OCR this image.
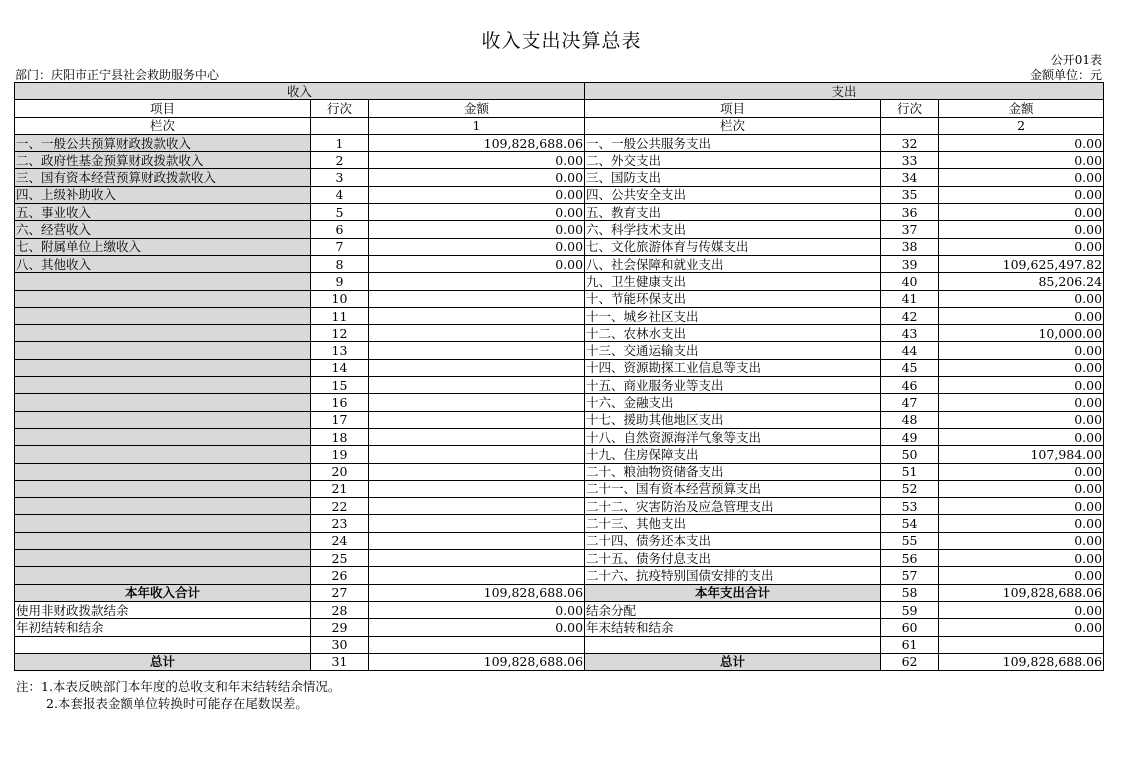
收入支出决算总表
公开01表
部门：庆阳市正宁县社会救助服务中心	金额单位：元
收入			支出		
项目	行次	金额	项目	行次	金额
栏次		1	栏次		2
一、一般公共预算财政拨款收入	1	109,828,688.06	一、一般公共服务支出	32	0.00
二、政府性基金预算财政拨款收入	2	0.00	二、外交支出	33	0.00
三、国有资本经营预算财政拨款收入	3	0.00	三、国防支出	34	0.00
四、上级补助收入	4	0.00	四、公共安全支出	35	0.00
五、事业收入	5	0.00	五、教育支出	36	0.00
六、经营收入	6	0.00	六、科学技术支出	37	0.00
七、附属单位上缴收入	7	0.00	七、文化旅游体育与传媒支出	38	0.00
八、其他收入	8	0.00	八、社会保障和就业支出	39	109,625,497.82
	9		九、卫生健康支出	40	85,206.24
	10		十、节能环保支出	41	0.00
	11		十一、城乡社区支出	42	0.00
	12		十二、农林水支出	43	10,000.00
	13		十三、交通运输支出	44	0.00
	14		十四、资源勘探工业信息等支出	45	0.00
	15		十五、商业服务业等支出	46	0.00
	16		十六、金融支出	47	0.00
	17		十七、援助其他地区支出	48	0.00
	18		十八、自然资源海洋气象等支出	49	0.00
	19		十九、住房保障支出	50	107,984.00
	20		二十、粮油物资储备支出	51	0.00
	21		二十一、国有资本经营预算支出	52	0.00
	22		二十二、灾害防治及应急管理支出	53	0.00
	23		二十三、其他支出	54	0.00
	24		二十四、债务还本支出	55	0.00
	25		二十五、债务付息支出	56	0.00
	26		二十六、抗疫特别国债安排的支出	57	0.00
本年收入合计	27	109,828,688.06	本年支出合计	58	109,828,688.06
使用非财政拨款结余	28	0.00	结余分配	59	0.00
年初结转和结余	29	0.00	年末结转和结余	60	0.00
	30			61	
总计	31	109,828,688.06	总计	62	109,828,688.06
注：1.本表反映部门本年度的总收支和年末结转结余情况。
2.本套报表金额单位转换时可能存在尾数误差。
